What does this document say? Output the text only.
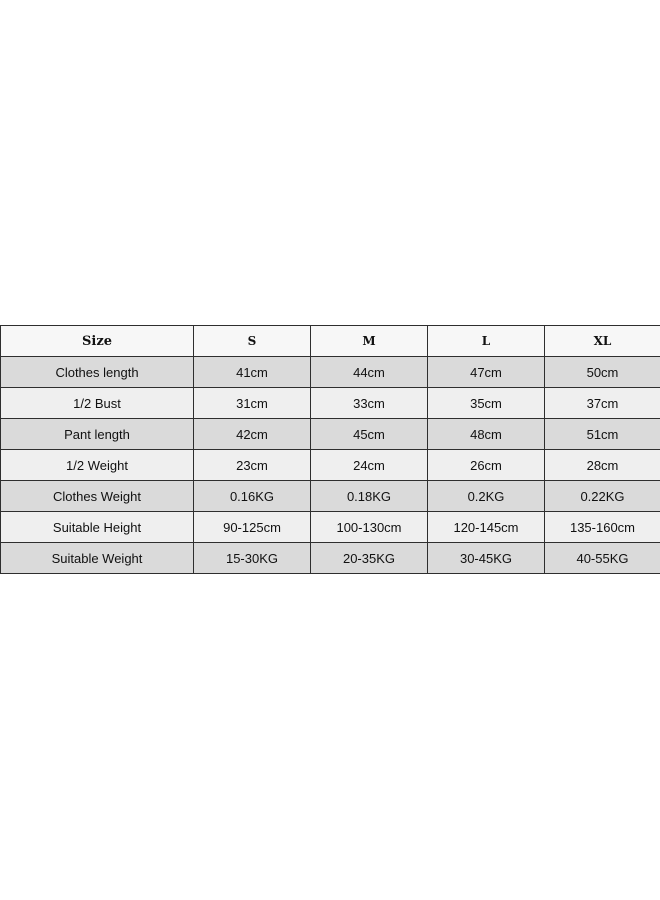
Size	S	M	L	XL
Clothes length	41cm	44cm	47cm	50cm
1/2 Bust	31cm	33cm	35cm	37cm
Pant length	42cm	45cm	48cm	51cm
1/2 Weight	23cm	24cm	26cm	28cm
Clothes Weight	0.16KG	0.18KG	0.2KG	0.22KG
Suitable Height	90-125cm	100-130cm	120-145cm	135-160cm
Suitable Weight	15-30KG	20-35KG	30-45KG	40-55KG
